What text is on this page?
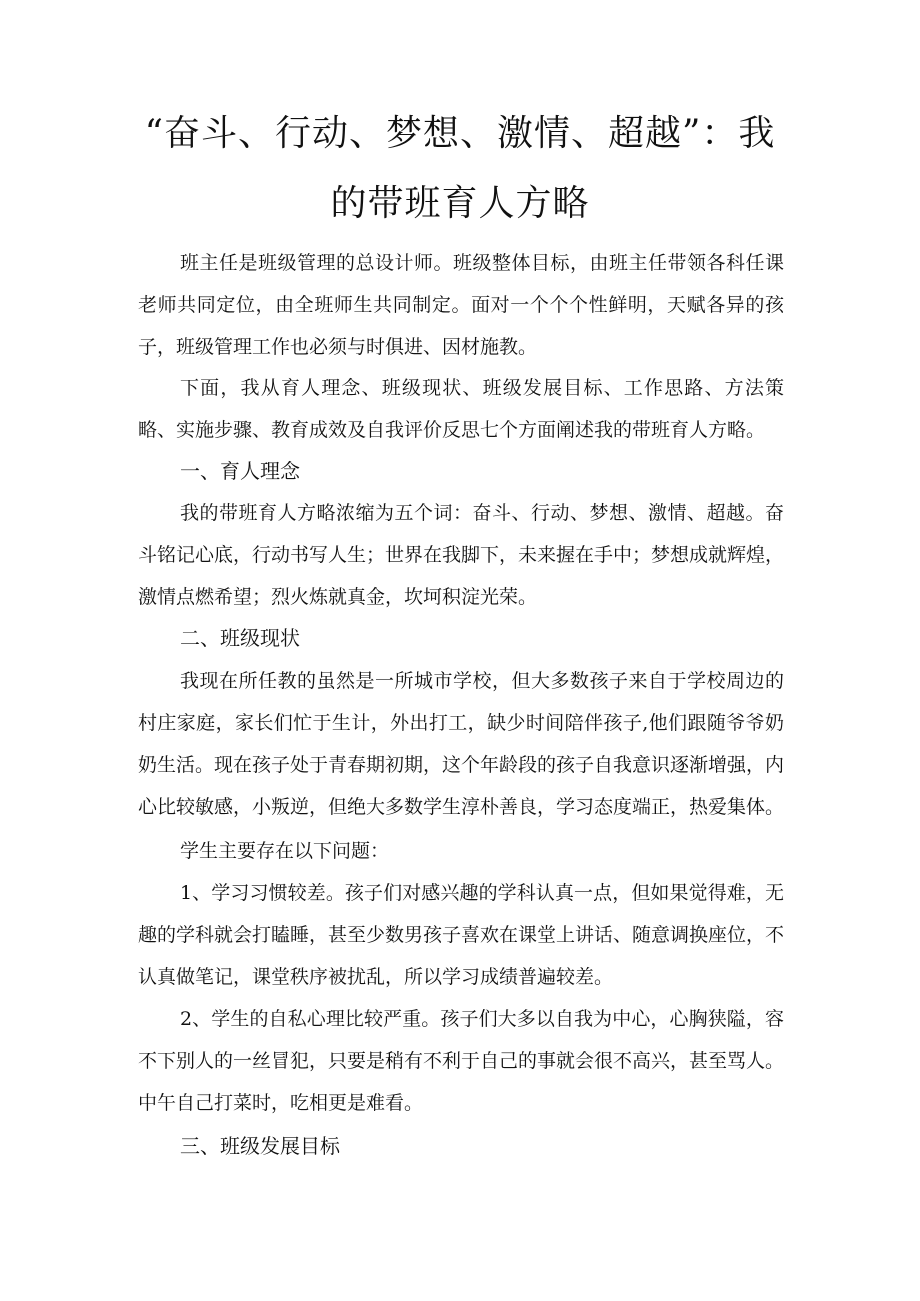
“奋斗、行动、梦想、激情、超越”：我
的带班育人方略

班主任是班级管理的总设计师。班级整体目标，由班主任带领各科任课老师共同定位，由全班师生共同制定。面对一个个个性鲜明，天赋各异的孩子，班级管理工作也必须与时俱进、因材施教。

下面，我从育人理念、班级现状、班级发展目标、工作思路、方法策略、实施步骤、教育成效及自我评价反思七个方面阐述我的带班育人方略。

一、育人理念

我的带班育人方略浓缩为五个词：奋斗、行动、梦想、激情、超越。奋斗铭记心底，行动书写人生；世界在我脚下，未来握在手中；梦想成就辉煌，激情点燃希望；烈火炼就真金，坎坷积淀光荣。

二、班级现状

我现在所任教的虽然是一所城市学校，但大多数孩子来自于学校周边的村庄家庭，家长们忙于生计，外出打工，缺少时间陪伴孩子,他们跟随爷爷奶奶生活。现在孩子处于青春期初期，这个年龄段的孩子自我意识逐渐增强，内心比较敏感，小叛逆，但绝大多数学生淳朴善良，学习态度端正，热爱集体。

学生主要存在以下问题：

1、学习习惯较差。孩子们对感兴趣的学科认真一点，但如果觉得难，无趣的学科就会打瞌睡，甚至少数男孩子喜欢在课堂上讲话、随意调换座位，不认真做笔记，课堂秩序被扰乱，所以学习成绩普遍较差。

2、学生的自私心理比较严重。孩子们大多以自我为中心，心胸狭隘，容不下别人的一丝冒犯，只要是稍有不利于自己的事就会很不高兴，甚至骂人。中午自己打菜时，吃相更是难看。

三、班级发展目标
